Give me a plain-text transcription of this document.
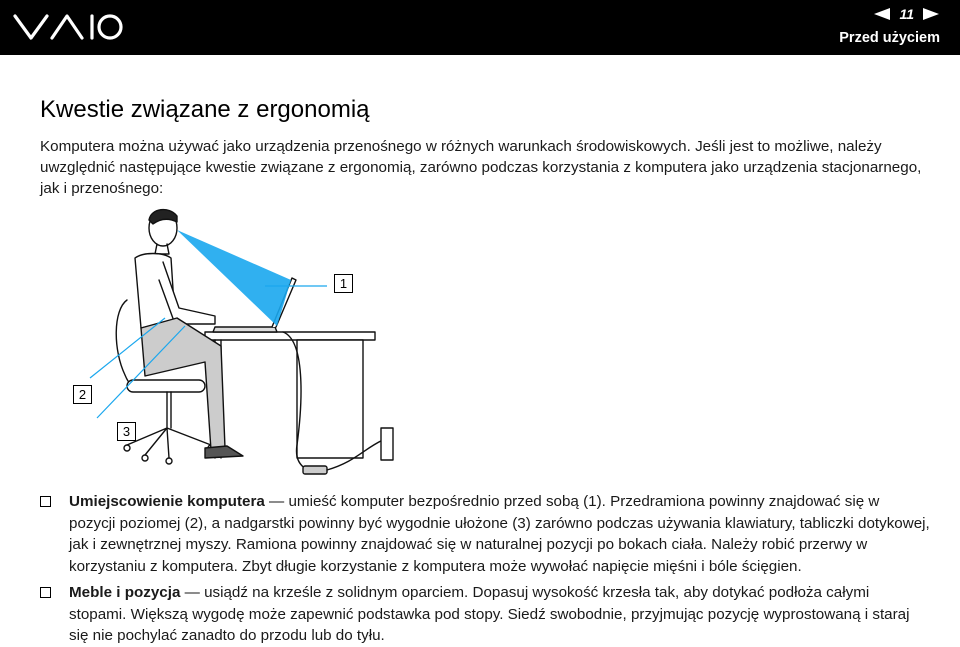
11
Przed użyciem
Kwestie związane z ergonomią

Komputera można używać jako urządzenia przenośnego w różnych warunkach środowiskowych. Jeśli jest to możliwe, należy uwzględnić następujące kwestie związane z ergonomią, zarówno podczas korzystania z komputera jako urządzenia stacjonarnego, jak i przenośnego:

1
2
3
Umiejscowienie komputera — umieść komputer bezpośrednio przed sobą (1). Przedramiona powinny znajdować się w pozycji poziomej (2), a nadgarstki powinny być wygodnie ułożone (3) zarówno podczas używania klawiatury, tabliczki dotykowej, jak i zewnętrznej myszy. Ramiona powinny znajdować się w naturalnej pozycji po bokach ciała. Należy robić przerwy w korzystaniu z komputera. Zbyt długie korzystanie z komputera może wywołać napięcie mięśni i bóle ścięgien.
Meble i pozycja — usiądź na krześle z solidnym oparciem. Dopasuj wysokość krzesła tak, aby dotykać podłoża całymi stopami. Większą wygodę może zapewnić podstawka pod stopy. Siedź swobodnie, przyjmując pozycję wyprostowaną i staraj się nie pochylać zanadto do przodu lub do tyłu.
